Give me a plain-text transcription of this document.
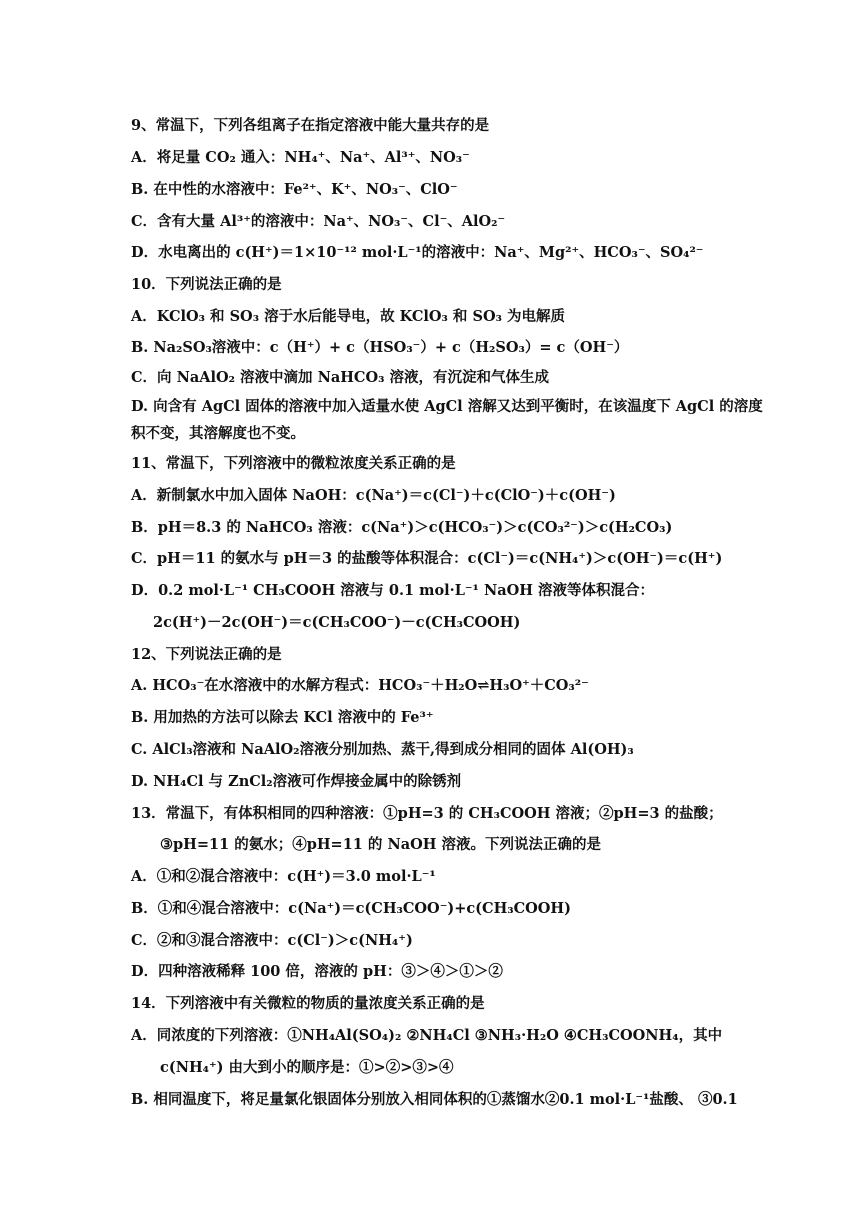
9、常温下，下列各组离子在指定溶液中能大量共存的是
A．将足量 CO₂ 通入：NH₄⁺、Na⁺、Al³⁺、NO₃⁻
B. 在中性的水溶液中：Fe²⁺、K⁺、NO₃⁻、ClO⁻
C．含有大量 Al³⁺的溶液中：Na⁺、NO₃⁻、Cl⁻、AlO₂⁻
D．水电离出的 c(H⁺)＝1×10⁻¹² mol·L⁻¹的溶液中：Na⁺、Mg²⁺、HCO₃⁻、SO₄²⁻
10．下列说法正确的是
A．KClO₃ 和 SO₃ 溶于水后能导电，故 KClO₃ 和 SO₃ 为电解质
B. Na₂SO₃溶液中：c（H⁺）+ c（HSO₃⁻）+ c（H₂SO₃）= c（OH⁻）
C．向 NaAlO₂ 溶液中滴加 NaHCO₃ 溶液，有沉淀和气体生成
D. 向含有 AgCl 固体的溶液中加入适量水使 AgCl 溶解又达到平衡时，在该温度下 AgCl 的溶度
积不变，其溶解度也不变。
11、常温下，下列溶液中的微粒浓度关系正确的是
A．新制氯水中加入固体 NaOH：c(Na⁺)＝c(Cl⁻)＋c(ClO⁻)＋c(OH⁻)
B．pH＝8.3 的 NaHCO₃ 溶液：c(Na⁺)＞c(HCO₃⁻)＞c(CO₃²⁻)＞c(H₂CO₃)
C．pH＝11 的氨水与 pH＝3 的盐酸等体积混合：c(Cl⁻)＝c(NH₄⁺)＞c(OH⁻)＝c(H⁺)
D．0.2 mol·L⁻¹ CH₃COOH 溶液与 0.1 mol·L⁻¹ NaOH 溶液等体积混合：
2c(H⁺)－2c(OH⁻)＝c(CH₃COO⁻)－c(CH₃COOH)
12、下列说法正确的是
A. HCO₃⁻在水溶液中的水解方程式：HCO₃⁻＋H₂O⇌H₃O⁺＋CO₃²⁻
B. 用加热的方法可以除去 KCl 溶液中的 Fe³⁺
C. AlCl₃溶液和 NaAlO₂溶液分别加热、蒸干,得到成分相同的固体 Al(OH)₃
D. NH₄Cl 与 ZnCl₂溶液可作焊接金属中的除锈剂
13．常温下，有体积相同的四种溶液：①pH=3 的 CH₃COOH 溶液；②pH=3 的盐酸；
③pH=11 的氨水；④pH=11 的 NaOH 溶液。下列说法正确的是
A．①和②混合溶液中：c(H⁺)＝3.0 mol·L⁻¹
B．①和④混合溶液中：c(Na⁺)＝c(CH₃COO⁻)+c(CH₃COOH)
C．②和③混合溶液中：c(Cl⁻)＞c(NH₄⁺)
D．四种溶液稀释 100 倍，溶液的 pH：③＞④＞①＞②
14．下列溶液中有关微粒的物质的量浓度关系正确的是
A．同浓度的下列溶液：①NH₄Al(SO₄)₂ ②NH₄Cl ③NH₃·H₂O ④CH₃COONH₄，其中
c(NH₄⁺) 由大到小的顺序是：①>②>③>④
B. 相同温度下，将足量氯化银固体分别放入相同体积的①蒸馏水②0.1 mol·L⁻¹盐酸、 ③0.1
